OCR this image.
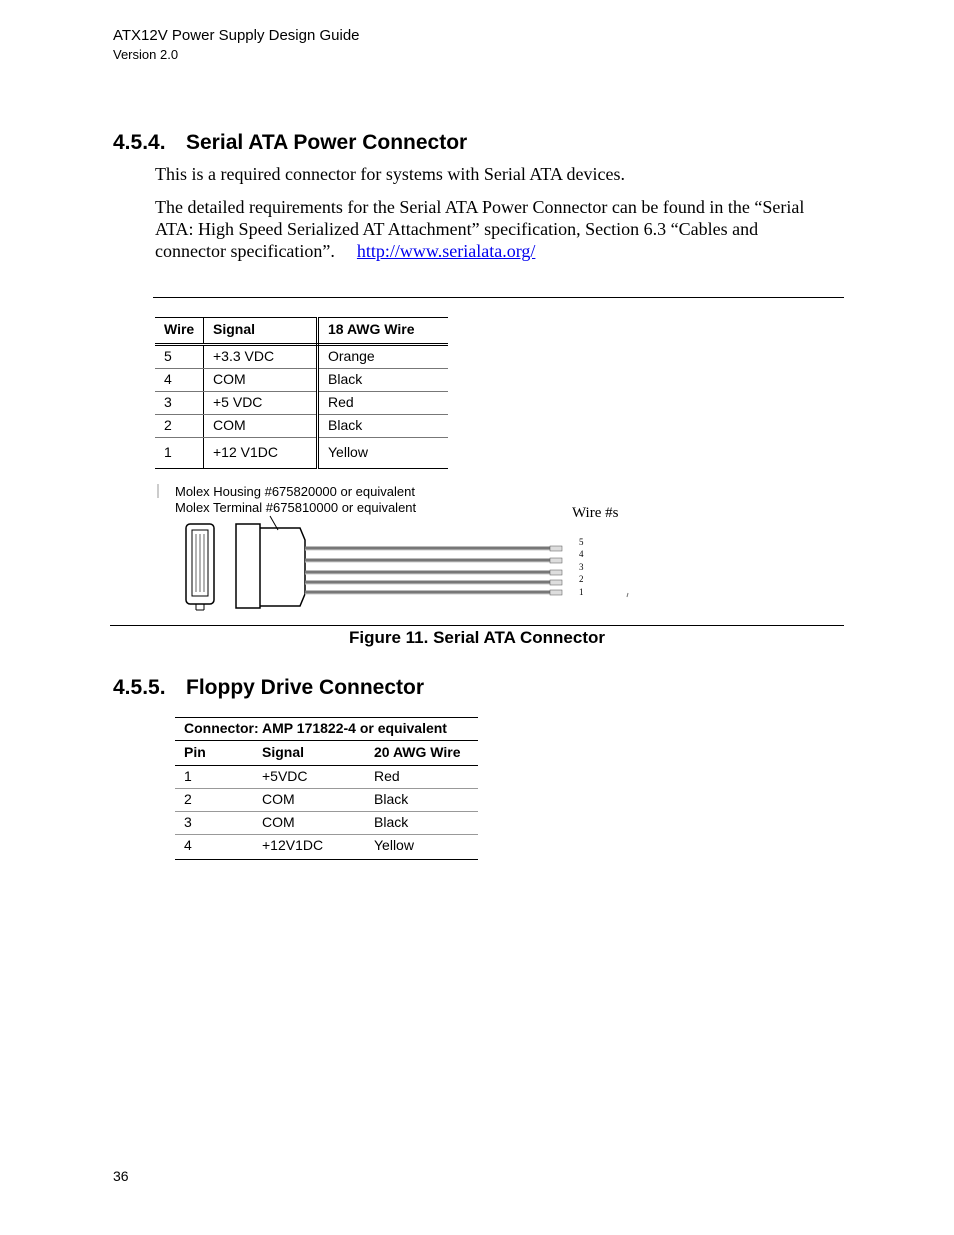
ATX12V Power Supply Design Guide
Version 2.0
4.5.4. Serial ATA Power Connector
This is a required connector for systems with Serial ATA devices.
The detailed requirements for the Serial ATA Power Connector can be found in the “Serial
ATA: High Speed Serialized AT Attachment” specification, Section 6.3 “Cables and
connector specification”. http://www.serialata.org/
Wire	Signal	18 AWG Wire
5	+3.3 VDC	Orange
4	COM	Black
3	+5 VDC	Red
2	COM	Black
1	+12 V1DC	Yellow
Molex Housing #675820000 or equivalent
Molex Terminal #675810000 or equivalent	Wire #s
5
4
3
2
1
Figure 11. Serial ATA Connector
4.5.5. Floppy Drive Connector
Connector: AMP 171822-4 or equivalent		
Pin	Signal	20 AWG Wire
1	+5VDC	Red
2	COM	Black
3	COM	Black
4	+12V1DC	Yellow
36
